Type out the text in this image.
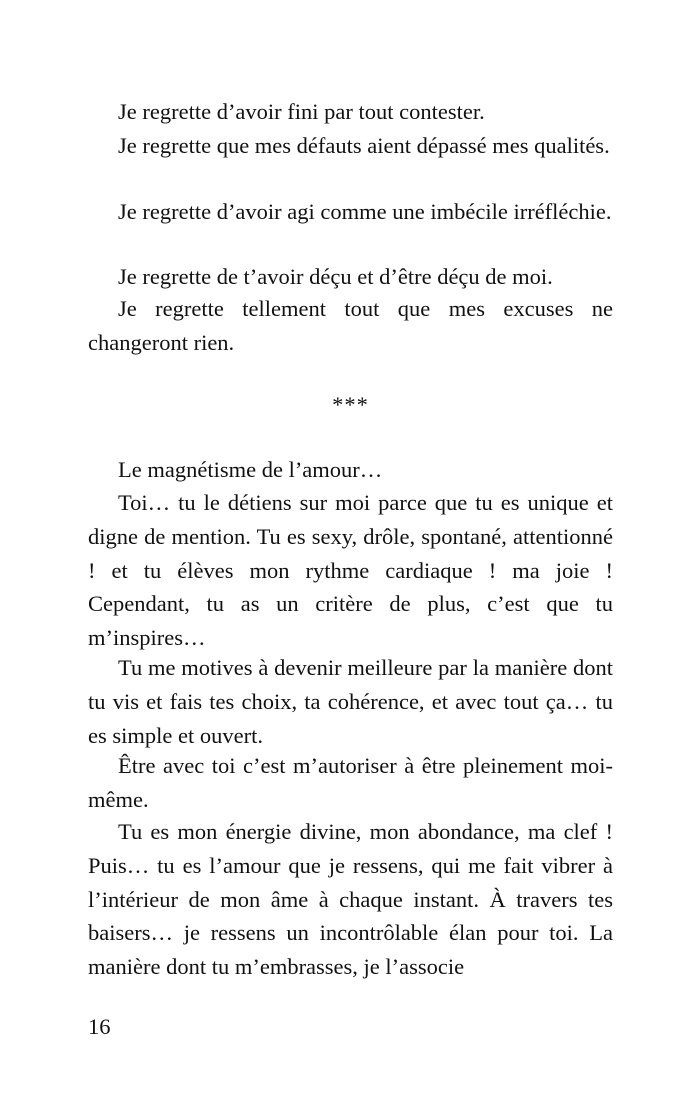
Je regrette d’avoir fini par tout contester.

Je regrette que mes défauts aient dépassé mes qualités.

Je regrette d’avoir agi comme une imbécile irréfléchie.

Je regrette de t’avoir déçu et d’être déçu de moi.

Je regrette tellement tout que mes excuses ne changeront rien.

***

Le magnétisme de l’amour…

Toi… tu le détiens sur moi parce que tu es unique et digne de mention. Tu es sexy, drôle, spontané, attentionné ! et tu élèves mon rythme cardiaque ! ma joie ! Cependant, tu as un critère de plus, c’est que tu m’inspires…

Tu me motives à devenir meilleure par la manière dont tu vis et fais tes choix, ta cohérence, et avec tout ça… tu es simple et ouvert.

Être avec toi c’est m’autoriser à être pleinement moi-même.

Tu es mon énergie divine, mon abondance, ma clef ! Puis… tu es l’amour que je ressens, qui me fait vibrer à l’intérieur de mon âme à chaque instant. À travers tes baisers… je ressens un incontrôlable élan pour toi. La manière dont tu m’embrasses, je l’associe

16
